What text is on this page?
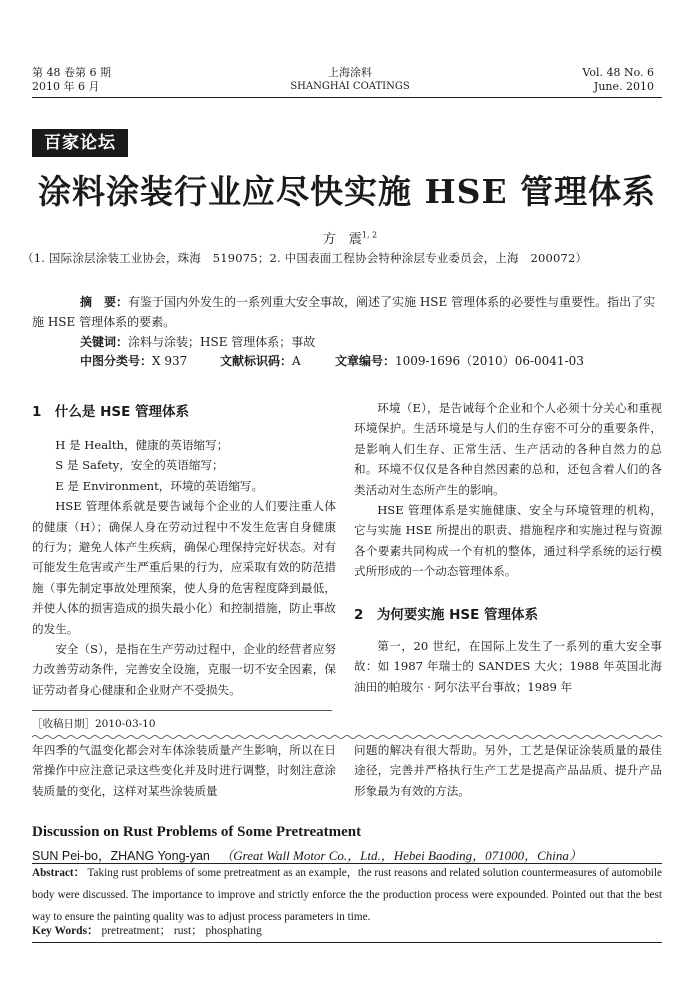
第 48 卷第 6 期
2010 年 6 月
上海涂料
SHANGHAI COATINGS
Vol. 48 No. 6
June. 2010
百家论坛
涂料涂装行业应尽快实施 HSE 管理体系
方　震$^{1, 2}$
（1. 国际涂层涂装工业协会，珠海　519075；2. 中国表面工程协会特种涂层专业委员会，上海　200072）
摘　要：有鉴于国内外发生的一系列重大安全事故，阐述了实施 HSE 管理体系的必要性与重要性。指出了实施 HSE 管理体系的要素。
关键词：涂料与涂装；HSE 管理体系；事故
中图分类号：X 937	文献标识码：A	文章编号：1009-1696（2010）06-0041-03
1　什么是 HSE 管理体系

H 是 Health，健康的英语缩写；

S 是 Safety，安全的英语缩写；

E 是 Environment，环境的英语缩写。

HSE 管理体系就是要告诫每个企业的人们要注重人体的健康（H）；确保人身在劳动过程中不发生危害自身健康的行为；避免人体产生疾病，确保心理保持完好状态。对有可能发生危害或产生严重后果的行为，应采取有效的防范措施（事先制定事故处理预案，使人身的危害程度降到最低，并使人体的损害造成的损失最小化）和控制措施，防止事故的发生。

安全（S），是指在生产劳动过程中，企业的经营者应努力改善劳动条件，完善安全设施，克服一切不安全因素，保证劳动者身心健康和企业财产不受损失。

环境（E），是告诫每个企业和个人必须十分关心和重视环境保护。生活环境是与人们的生存密不可分的重要条件，是影响人们生存、正常生活、生产活动的各种自然力的总和。环境不仅仅是各种自然因素的总和，还包含着人们的各类活动对生态所产生的影响。

HSE 管理体系是实施健康、安全与环境管理的机构，它与实施 HSE 所提出的职责、措施程序和实施过程与资源各个要素共同构成一个有机的整体，通过科学系统的运行模式所形成的一个动态管理体系。

2　为何要实施 HSE 管理体系

第一，20 世纪，在国际上发生了一系列的重大安全事故：如 1987 年瑞士的 SANDES 大火；1988 年英国北海油田的帕玻尔 · 阿尔法平台事故；1989 年

［收稿日期］2010-03-10

年四季的气温变化都会对车体涂装质量产生影响，所以在日常操作中应注意记录这些变化并及时进行调整，时刻注意涂装质量的变化，这样对某些涂装质量

问题的解决有很大帮助。另外，工艺是保证涂装质量的最佳途径，完善并严格执行生产工艺是提高产品品质、提升产品形象最为有效的方法。

Discussion on Rust Problems of Some Pretreatment
SUN Pei-bo，ZHANG Yong-yan （Great Wall Motor Co.，Ltd.，Hebei Baoding，071000，China）
Abstract： Taking rust problems of some pretreatment as an example，the rust reasons and related solution countermeasures of automobile body were discussed. The importance to improve and strictly enforce the the production process were expounded. Pointed out that the best way to ensure the painting quality was to adjust process parameters in time.
Key Words： pretreatment； rust； phosphating
